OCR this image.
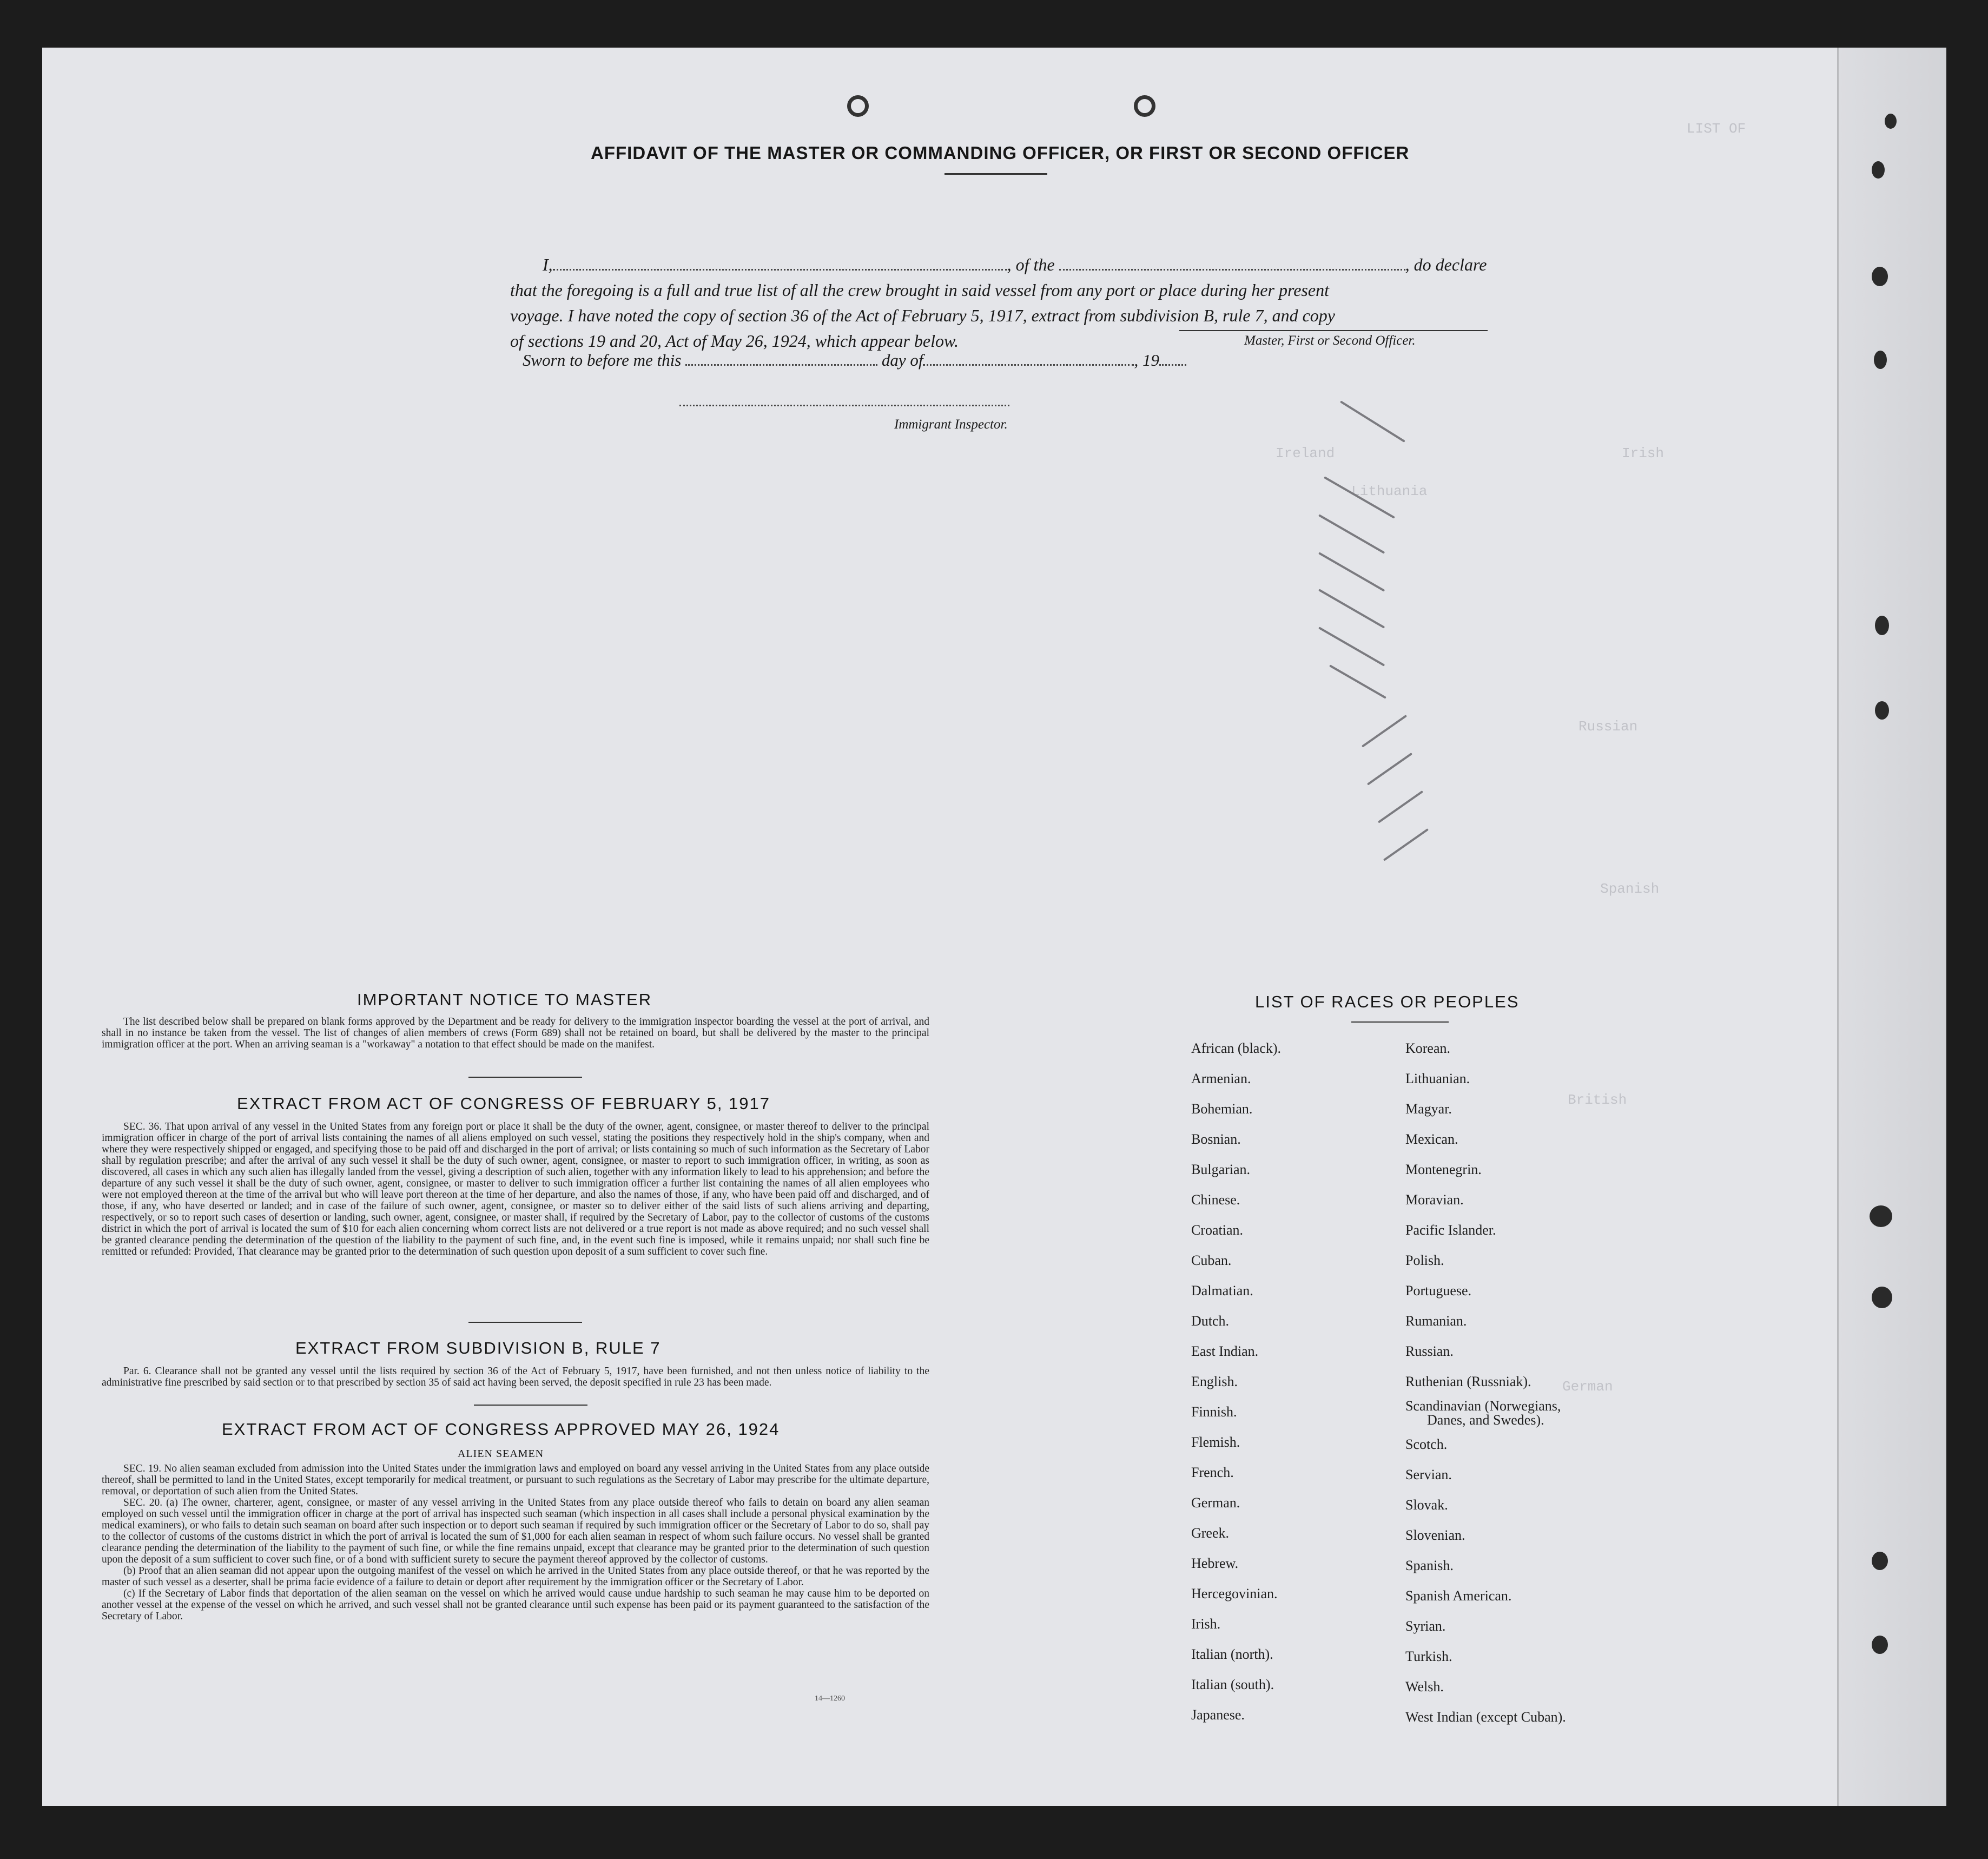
LIST OF
Ireland	Irish
Lithuania
Russian
Spanish
British
German
AFFIDAVIT OF THE MASTER OR COMMANDING OFFICER, OR FIRST OR SECOND OFFICER
I,	, of the	, do declare
that the foregoing is a full and true list of all the crew brought in said vessel from any port or place during her present
voyage. I have noted the copy of section 36 of the Act of February 5, 1917, extract from subdivision B, rule 7, and copy
of sections 19 and 20, Act of May 26, 1924, which appear below.	Master, First or Second Officer.
Sworn to before me this	day of	, 19
Immigrant Inspector.
IMPORTANT NOTICE TO MASTER

The list described below shall be prepared on blank forms approved by the Department and be ready for delivery to the immigration inspector boarding the vessel at the port of arrival, and shall in no instance be taken from the vessel. The list of changes of alien members of crews (Form 689) shall not be retained on board, but shall be delivered by the master to the principal immigration officer at the port. When an arriving seaman is a "workaway" a notation to that effect should be made on the manifest.

EXTRACT FROM ACT OF CONGRESS OF FEBRUARY 5, 1917

SEC. 36. That upon arrival of any vessel in the United States from any foreign port or place it shall be the duty of the owner, agent, consignee, or master thereof to deliver to the principal immigration officer in charge of the port of arrival lists containing the names of all aliens employed on such vessel, stating the positions they respectively hold in the ship's company, when and where they were respectively shipped or engaged, and specifying those to be paid off and discharged in the port of arrival; or lists containing so much of such information as the Secretary of Labor shall by regulation prescribe; and after the arrival of any such vessel it shall be the duty of such owner, agent, consignee, or master to report to such immigration officer, in writing, as soon as discovered, all cases in which any such alien has illegally landed from the vessel, giving a description of such alien, together with any information likely to lead to his apprehension; and before the departure of any such vessel it shall be the duty of such owner, agent, consignee, or master to deliver to such immigration officer a further list containing the names of all alien employees who were not employed thereon at the time of the arrival but who will leave port thereon at the time of her departure, and also the names of those, if any, who have been paid off and discharged, and of those, if any, who have deserted or landed; and in case of the failure of such owner, agent, consignee, or master so to deliver either of the said lists of such aliens arriving and departing, respectively, or so to report such cases of desertion or landing, such owner, agent, consignee, or master shall, if required by the Secretary of Labor, pay to the collector of customs of the customs district in which the port of arrival is located the sum of $10 for each alien concerning whom correct lists are not delivered or a true report is not made as above required; and no such vessel shall be granted clearance pending the determination of the question of the liability to the payment of such fine, and, in the event such fine is imposed, while it remains unpaid; nor shall such fine be remitted or refunded: Provided, That clearance may be granted prior to the determination of such question upon deposit of a sum sufficient to cover such fine.

EXTRACT FROM SUBDIVISION B, RULE 7

Par. 6. Clearance shall not be granted any vessel until the lists required by section 36 of the Act of February 5, 1917, have been furnished, and not then unless notice of liability to the administrative fine prescribed by said section or to that prescribed by section 35 of said act having been served, the deposit specified in rule 23 has been made.

EXTRACT FROM ACT OF CONGRESS APPROVED MAY 26, 1924
ALIEN SEAMEN

SEC. 19. No alien seaman excluded from admission into the United States under the immigration laws and employed on board any vessel arriving in the United States from any place outside thereof, shall be permitted to land in the United States, except temporarily for medical treatment, or pursuant to such regulations as the Secretary of Labor may prescribe for the ultimate departure, removal, or deportation of such alien from the United States.

SEC. 20. (a) The owner, charterer, agent, consignee, or master of any vessel arriving in the United States from any place outside thereof who fails to detain on board any alien seaman employed on such vessel until the immigration officer in charge at the port of arrival has inspected such seaman (which inspection in all cases shall include a personal physical examination by the medical examiners), or who fails to detain such seaman on board after such inspection or to deport such seaman if required by such immigration officer or the Secretary of Labor to do so, shall pay to the collector of customs of the customs district in which the port of arrival is located the sum of $1,000 for each alien seaman in respect of whom such failure occurs. No vessel shall be granted clearance pending the determination of the liability to the payment of such fine, or while the fine remains unpaid, except that clearance may be granted prior to the determination of such question upon the deposit of a sum sufficient to cover such fine, or of a bond with sufficient surety to secure the payment thereof approved by the collector of customs.

(b) Proof that an alien seaman did not appear upon the outgoing manifest of the vessel on which he arrived in the United States from any place outside thereof, or that he was reported by the master of such vessel as a deserter, shall be prima facie evidence of a failure to detain or deport after requirement by the immigration officer or the Secretary of Labor.

(c) If the Secretary of Labor finds that deportation of the alien seaman on the vessel on which he arrived would cause undue hardship to such seaman he may cause him to be deported on another vessel at the expense of the vessel on which he arrived, and such vessel shall not be granted clearance until such expense has been paid or its payment guaranteed to the satisfaction of the Secretary of Labor.

14—1260
LIST OF RACES OR PEOPLES
African (black).
Armenian.
Bohemian.
Bosnian.
Bulgarian.
Chinese.
Croatian.
Cuban.
Dalmatian.
Dutch.
East Indian.
English.
Finnish.
Flemish.
French.
German.
Greek.
Hebrew.
Hercegovinian.
Irish.
Italian (north).
Italian (south).
Japanese.
Korean.
Lithuanian.
Magyar.
Mexican.
Montenegrin.
Moravian.
Pacific Islander.
Polish.
Portuguese.
Rumanian.
Russian.
Ruthenian (Russniak).
Scandinavian (Norwegians,
Danes, and Swedes).
Scotch.
Servian.
Slovak.
Slovenian.
Spanish.
Spanish American.
Syrian.
Turkish.
Welsh.
West Indian (except Cuban).
